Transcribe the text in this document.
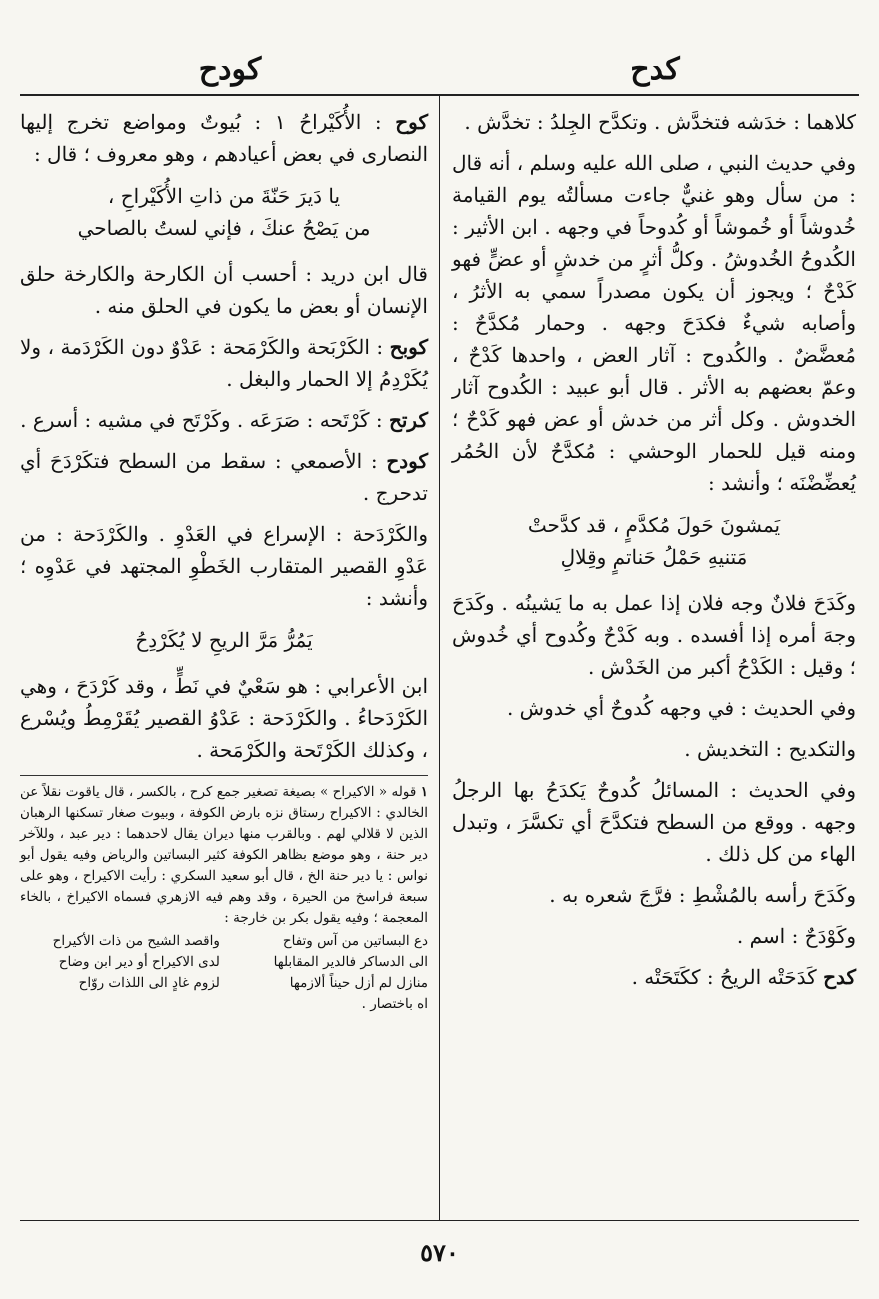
كدح
كودح

كلاهما : خدَشه فتخدَّش . وتكدَّح الجِلدُ : تخدَّش .

وفي حديث النبي ، صلى الله عليه وسلم ، أنه قال : من سأل وهو غنيٌّ جاءت مسألتُه يوم القيامة خُدوشاً أو خُموشاً أو كُدوحاً في وجهه . ابن الأثير : الكُدوحُ الخُدوشُ . وكلُّ أثرٍ من خدشٍ أو عضٍّ فهو كَدْحٌ ؛ ويجوز أن يكون مصدراً سمي به الأثرُ ، وأصابه شيءٌ فكدَحَ وجهه . وحمار مُكدَّحٌ : مُعضَّضٌ . والكُدوح : آثار العض ، واحدها كَدْحٌ ، وعمّ بعضهم به الأثر . قال أبو عبيد : الكُدوح آثار الخدوش . وكل أثر من خدش أو عض فهو كَدْحٌ ؛ ومنه قيل للحمار الوحشي : مُكدَّحٌ لأن الحُمُر يُعضِّضْنَه ؛ وأنشد :

يَمشونَ حَولَ مُكدَّمٍ ، قد كدَّحتْ
مَتنيهِ حَمْلُ حَناتمٍ وقِلالِ

وكَدَحَ فلانٌ وجه فلان إذا عمل به ما يَشينُه . وكَدَحَ وجهَ أمره إذا أفسده . وبه كَدْحٌ وكُدوح أي خُدوش ؛ وقيل : الكَدْحُ أكبر من الخَدْش .

وفي الحديث : في وجهه كُدوحٌ أي خدوش .

والتكديح : التخديش .

وفي الحديث : المسائلُ كُدوحٌ يَكدَحُ بها الرجلُ وجهه . ووقع من السطح فتكدَّحَ أي تكسَّرَ ، وتبدل الهاء من كل ذلك .

وكَدَحَ رأسه بالمُشْطِ : فرَّجَ شعره به .

وكَوْدَحٌ : اسم .

كدح كَدَحَتْه الريحُ : ككَتَحَتْه .

كوح : الأُكَيْراحُ ١ : بُيوتٌ ومواضع تخرج إليها النصارى في بعض أعيادهم ، وهو معروف ؛ قال :

يا دَيرَ حَنّةَ من ذاتِ الأُكَيْراحِ ،
من يَصْحُ عنكَ ، فإني لستُ بالصاحي

قال ابن دريد : أحسب أن الكارحة والكارخة حلق الإنسان أو بعض ما يكون في الحلق منه .

كوبح : الكَرْبَحة والكَرْمَحة : عَدْوٌ دون الكَرْدَمة ، ولا يُكَرْدِمُ إلا الحمار والبغل .

كرتح : كَرْتَحه : صَرَعَه . وكَرْتَح في مشيه : أسرع .

كودح : الأصمعي : سقط من السطح فتكَرْدَحَ أي تدحرج .

والكَرْدَحة : الإسراع في العَدْوِ . والكَرْدَحة : من عَدْوِ القصير المتقارب الخَطْوِ المجتهد في عَدْوِه ؛ وأنشد :

يَمُرُّ مَرَّ الريحِ لا يُكَرْدِحُ

ابن الأعرابي : هو سَعْيٌ في نَطٍّ ، وقد كَرْدَحَ ، وهي الكَرْدَحاءُ . والكَرْدَحة : عَدْوُ القصير يُقَرْمِطُ ويُسْرع ، وكذلك الكَرْتَحة والكَرْمَحة .

١ قوله « الاكيراح » بصيغة تصغير جمع كرح ، بالكسر ، قال ياقوت نقلاً عن الخالدي : الاكيراح رستاق نزه بارض الكوفة ، وبيوت صغار تسكنها الرهبان الذين لا قلالي لهم . وبالقرب منها ديران يقال لاحدهما : دير عبد ، وللآخر دير حنة ، وهو موضع بظاهر الكوفة كثير البساتين والرياض وفيه يقول أبو نواس : يا دير حنة الخ ، قال أبو سعيد السكري : رأيت الاكيراح ، وهو على سبعة فراسخ من الحيرة ، وقد وهم فيه الازهري فسماه الاكيراخ ، بالخاء المعجمة ؛ وفيه يقول بكر بن خارجة :
دع البساتين من آس وتفاح
واقصد الشيح من ذات الأكيراح
الى الدساكر فالدير المقابلها
لدى الاكيراح أو دير ابن وضاح
منازل لم أزل حيناً ألازمها
لزوم غادٍ الى اللذات روّاح
اه باختصار .
٥٧٠
